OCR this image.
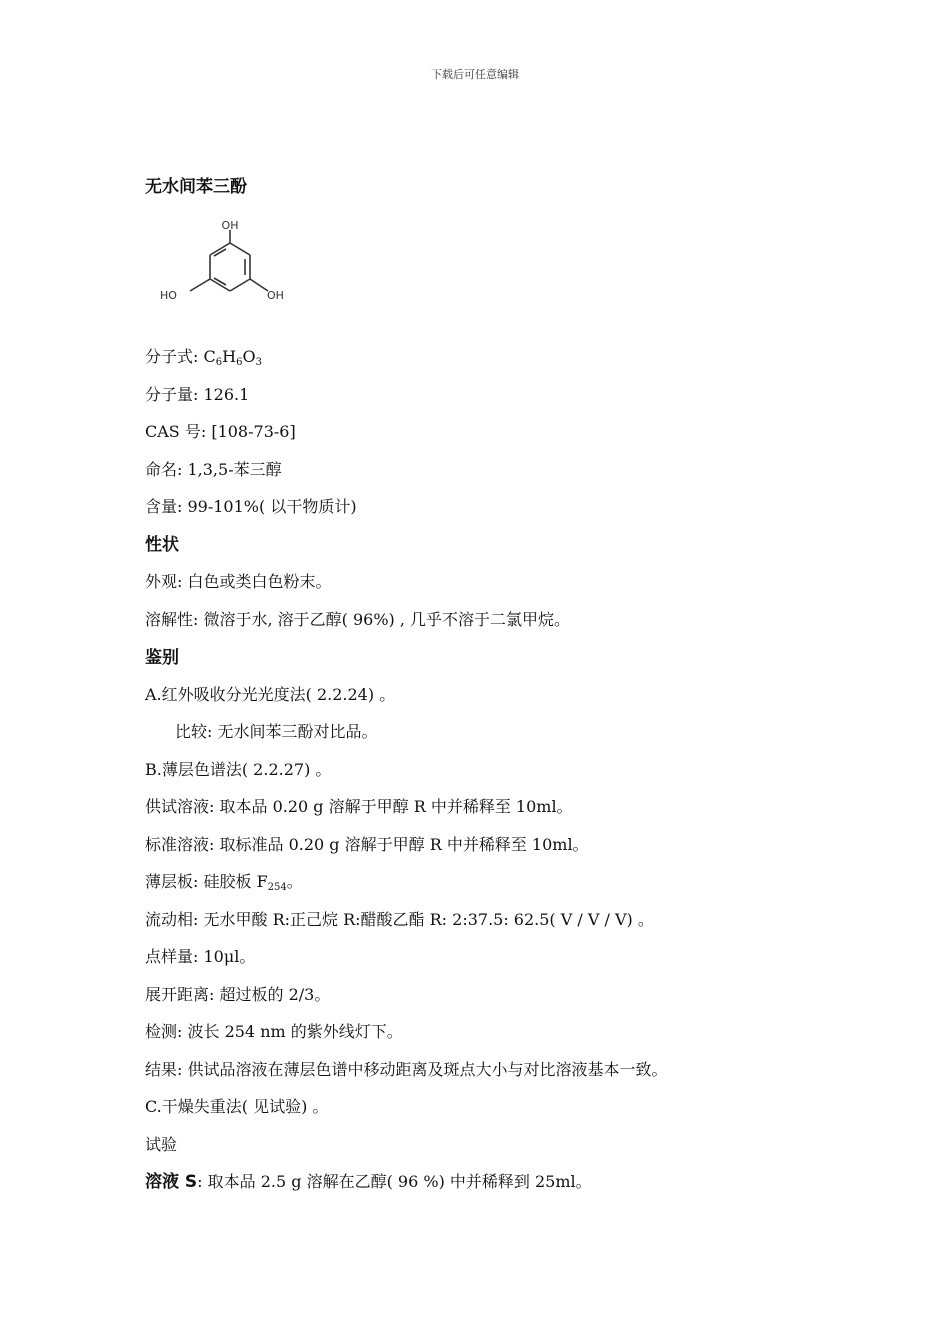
下载后可任意编辑
无水间苯三酚
分子式: $C_6H_6O_3$
分子量: 126.1
CAS 号: [108-73-6]
命名: 1,3,5-苯三醇
含量: 99-101%( 以干物质计)
性状
外观: 白色或类白色粉末。
溶解性: 微溶于水, 溶于乙醇( 96%) , 几乎不溶于二氯甲烷。
鉴别
A.红外吸收分光光度法( 2.2.24) 。
比较: 无水间苯三酚对比品。
B.薄层色谱法( 2.2.27) 。
供试溶液: 取本品 0.20 g 溶解于甲醇 R 中并稀释至 10ml。
标准溶液: 取标准品 0.20 g 溶解于甲醇 R 中并稀释至 10ml。
薄层板: 硅胶板 $F_{254}$。
流动相: 无水甲酸 R:正己烷 R:醋酸乙酯 R: 2:37.5: 62.5( V / V / V) 。
点样量: 10μl。
展开距离: 超过板的 2/3。
检测: 波长 254 nm 的紫外线灯下。
结果: 供试品溶液在薄层色谱中移动距离及斑点大小与对比溶液基本一致。
C.干燥失重法( 见试验) 。
试验
溶液 S: 取本品 2.5 g 溶解在乙醇( 96 %) 中并稀释到 25ml。
OH
HO	OH
